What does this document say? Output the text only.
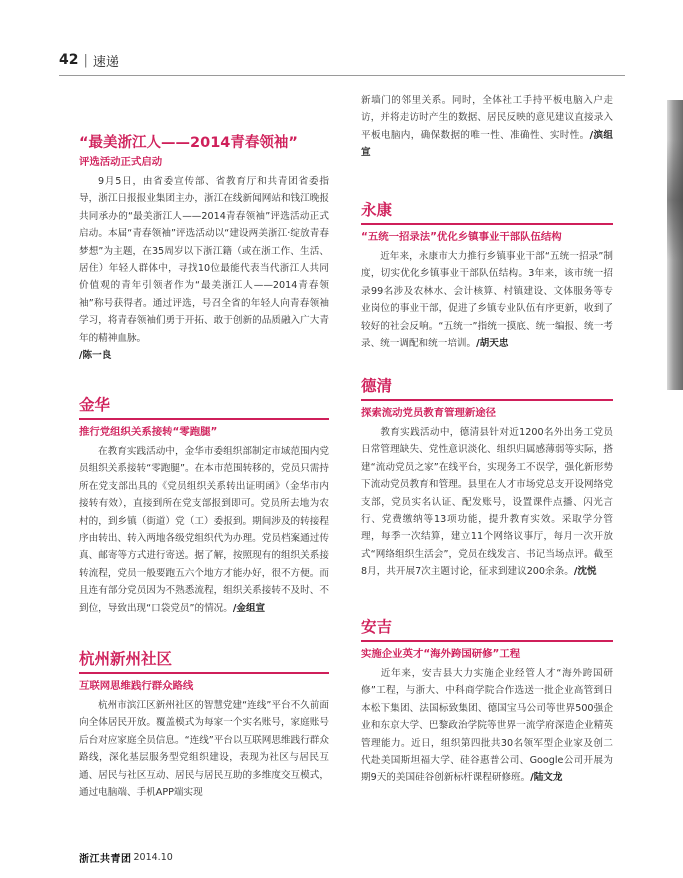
42 | 速递
“最美浙江人——2014青春领袖”
评选活动正式启动
9月5日，由省委宣传部、省教育厅和共青团省委指导，浙江日报报业集团主办，浙江在线新闻网站和钱江晚报共同承办的“最美浙江人——2014青春领袖”评选活动正式启动。本届“青春领袖”评选活动以“建设两美浙江·绽放青春梦想”为主题，在35周岁以下浙江籍（或在浙工作、生活、居住）年轻人群体中，寻找10位最能代表当代浙江人共同价值观的青年引领者作为“最美浙江人——2014青春领袖”称号获得者。通过评选，号召全省的年轻人向青春领袖学习，将青春领袖们勇于开拓、敢于创新的品质融入广大青年的精神血脉。
/陈一良
金华
推行党组织关系接转“零跑腿”
在教育实践活动中，金华市委组织部制定市域范围内党员组织关系接转“零跑腿”。在本市范围转移的，党员只需持所在党支部出具的《党员组织关系转出证明函》（金华市内接转有效），直接到所在党支部报到即可。党员所去地为农村的，到乡镇（街道）党（工）委报到。期间涉及的转接程序由转出、转入两地各级党组织代为办理。党员档案通过传真、邮寄等方式进行寄送。据了解，按照现有的组织关系接转流程，党员一般要跑五六个地方才能办好，很不方便。而且连有部分党员因为不熟悉流程，组织关系接转不及时、不到位，导致出现“口袋党员”的情况。/金组宣
杭州新州社区
互联网思维践行群众路线
杭州市滨江区新州社区的智慧党建“连线”平台不久前面向全体居民开放。覆盖模式为每家一个实名账号，家庭账号后台对应家庭全员信息。“连线”平台以互联网思维践行群众路线，深化基层服务型党组织建设，表现为社区与居民互通、居民与社区互动、居民与居民互助的多维度交互模式，通过电脑端、手机APP端实现
新墙门的邻里关系。同时，全体社工手持平板电脑入户走访，并将走访时产生的数据、居民反映的意见建议直接录入平板电脑内，确保数据的唯一性、准确性、实时性。/滨组宣
永康
“五统一招录法”优化乡镇事业干部队伍结构
近年来，永康市大力推行乡镇事业干部“五统一招录”制度，切实优化乡镇事业干部队伍结构。3年来，该市统一招录99名涉及农林水、会计核算、村镇建设、文体服务等专业岗位的事业干部，促进了乡镇专业队伍有序更新，收到了较好的社会反响。“五统一”指统一摸底、统一编报、统一考录、统一调配和统一培训。/胡天忠
德清
探索流动党员教育管理新途径
教育实践活动中，德清县针对近1200名外出务工党员日常管理缺失、党性意识淡化、组织归属感薄弱等实际，搭建“流动党员之家”在线平台，实现务工不误学，强化新形势下流动党员教育和管理。县里在人才市场党总支开设网络党支部，党员实名认证、配发账号，设置课件点播、闪光言行、党费缴纳等13项功能，提升教育实效。采取学分管理，每季一次结算，建立11个网络议事厅，每月一次开放式“网络组织生活会”，党员在线发言、书记当场点评。截至8月，共开展7次主题讨论，征求到建议200余条。/沈悦
安吉
实施企业英才“海外跨国研修”工程
近年来，安吉县大力实施企业经管人才“海外跨国研修”工程，与浙大、中科商学院合作选送一批企业高管到日本松下集团、法国标致集团、德国宝马公司等世界500强企业和东京大学、巴黎政治学院等世界一流学府深造企业精英管理能力。近日，组织第四批共30名领军型企业家及创二代赴美国斯坦福大学、硅谷惠普公司、Google公司开展为期9天的美国硅谷创新标杆课程研修班。/陆文龙
浙江共青团 2014.10
